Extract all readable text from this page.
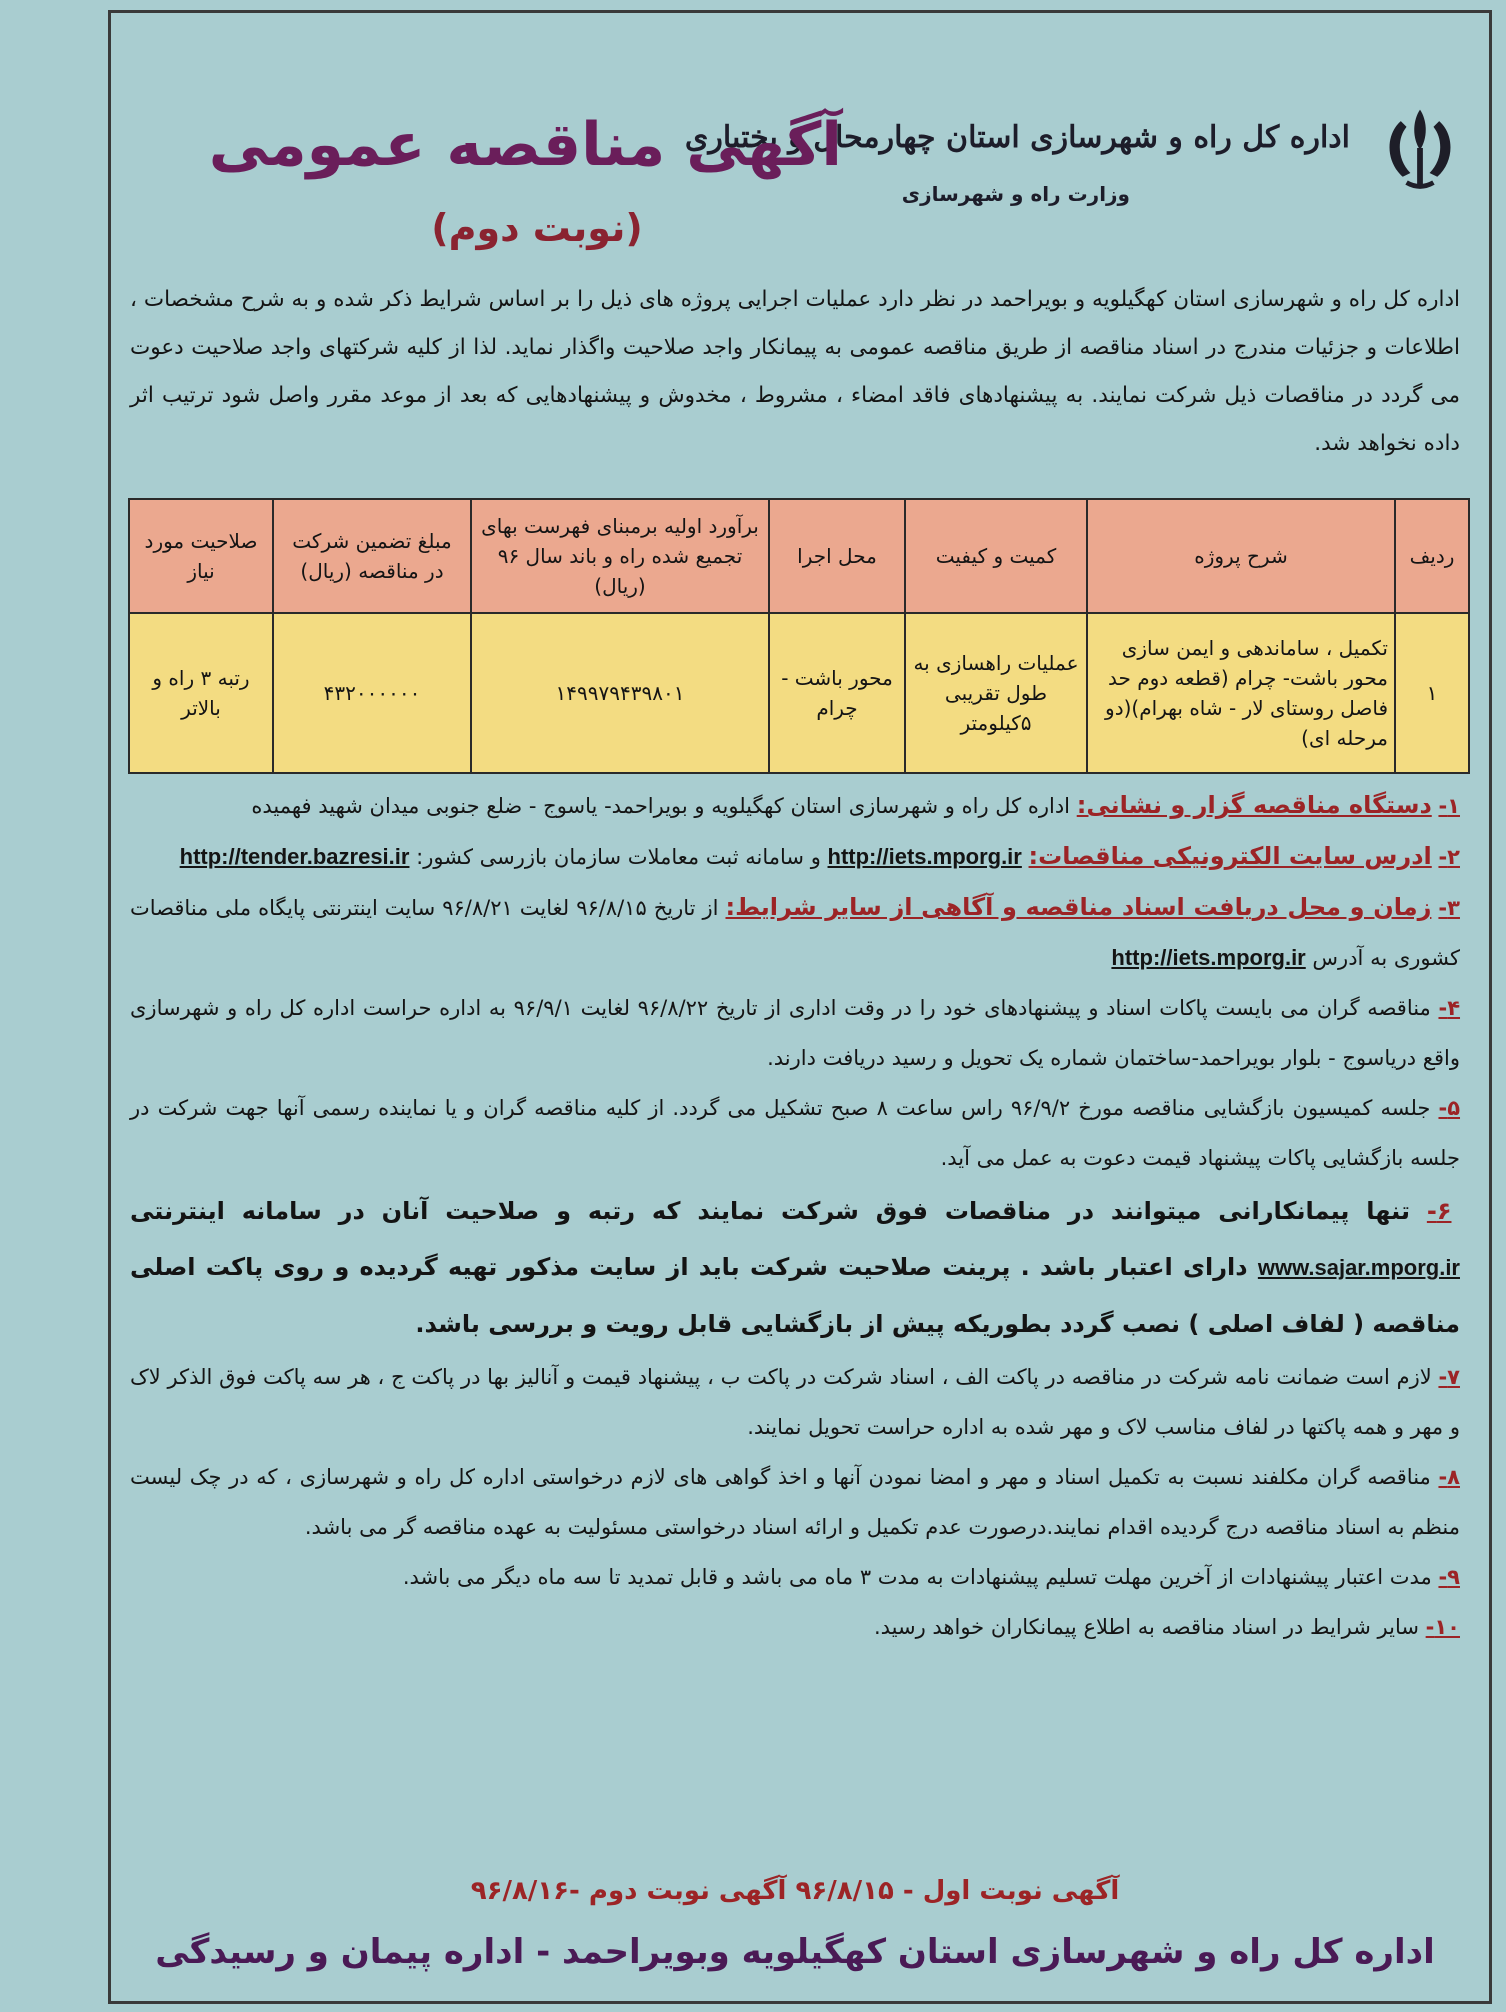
اداره کل راه و شهرسازی استان چهارمحال و بختیاری
وزارت راه و شهرسازی
آگهی مناقصه عمومی
(نوبت دوم)
اداره کل راه و شهرسازی استان کهگیلویه و بویراحمد در نظر دارد عملیات اجرایی پروژه های ذیل را بر اساس شرایط ذکر شده و به شرح مشخصات ، اطلاعات و جزئیات مندرج در اسناد مناقصه از طریق مناقصه عمومی به پیمانکار واجد صلاحیت واگذار نماید. لذا از کلیه شرکتهای واجد صلاحیت دعوت می گردد در مناقصات ذیل شرکت نمایند. به پیشنهادهای فاقد امضاء ، مشروط ، مخدوش و پیشنهادهایی که بعد از موعد مقرر واصل شود ترتیب اثر داده نخواهد شد.
ردیف	شرح پروژه	کمیت و کیفیت	محل اجرا	برآورد اولیه برمبنای فهرست بهای تجمیع شده راه و باند سال ۹۶ (ریال)	مبلغ تضمین شرکت در مناقصه (ریال)	صلاحیت مورد نیاز
۱	تکمیل ، ساماندهی و ایمن سازی محور باشت- چرام (قطعه دوم حد فاصل روستای لار - شاه بهرام)(دو مرحله ای)	عملیات راهسازی به طول تقریبی ۵کیلومتر	محور باشت - چرام	۱۴۹۹۷۹۴۳۹۸۰۱	۴۳۲۰۰۰۰۰۰	رتبه ۳ راه و بالاتر
۱- دستگاه مناقصه گزار و نشانی: اداره کل راه و شهرسازی استان کهگیلویه و بویراحمد- یاسوج - ضلع جنوبی میدان شهید فهمیده
۲- ادرس سایت الکترونیکی مناقصات: http://iets.mporg.ir و سامانه ثبت معاملات سازمان بازرسی کشور: http://tender.bazresi.ir
۳- زمان و محل دریافت اسناد مناقصه و آگاهی از سایر شرایط: از تاریخ ۹۶/۸/۱۵ لغایت ۹۶/۸/۲۱ سایت اینترنتی پایگاه ملی مناقصات کشوری به آدرس http://iets.mporg.ir
۴- مناقصه گران می بایست پاکات اسناد و پیشنهادهای خود را در وقت اداری از تاریخ ۹۶/۸/۲۲ لغایت ۹۶/۹/۱ به اداره حراست اداره کل راه و شهرسازی واقع دریاسوج - بلوار بویراحمد-ساختمان شماره یک تحویل و رسید دریافت دارند.
۵- جلسه کمیسیون بازگشایی مناقصه مورخ ۹۶/۹/۲ راس ساعت ۸ صبح تشکیل می گردد. از کلیه مناقصه گران و یا نماینده رسمی آنها جهت شرکت در جلسه بازگشایی پاکات پیشنهاد قیمت دعوت به عمل می آید.
۶- تنها پیمانکارانی میتوانند در مناقصات فوق شرکت نمایند که رتبه و صلاحیت آنان در سامانه اینترنتی www.sajar.mporg.ir دارای اعتبار باشد . پرینت صلاحیت شرکت باید از سایت مذکور تهیه گردیده و روی پاکت اصلی مناقصه ( لفاف اصلی ) نصب گردد بطوریکه پیش از بازگشایی قابل رویت و بررسی باشد.
۷- لازم است ضمانت نامه شرکت در مناقصه در پاکت الف ، اسناد شرکت در پاکت ب ، پیشنهاد قیمت و آنالیز بها در پاکت ج ، هر سه پاکت فوق الذکر لاک و مهر و همه پاکتها در لفاف مناسب لاک و مهر شده به اداره حراست تحویل نمایند.
۸- مناقصه گران مکلفند نسبت به تکمیل اسناد و مهر و امضا نمودن آنها و اخذ گواهی های لازم درخواستی اداره کل راه و شهرسازی ، که در چک لیست منظم به اسناد مناقصه درج گردیده اقدام نمایند.درصورت عدم تکمیل و ارائه اسناد درخواستی مسئولیت به عهده مناقصه گر می باشد.
۹- مدت اعتبار پیشنهادات از آخرین مهلت تسلیم پیشنهادات به مدت ۳ ماه می باشد و قابل تمدید تا سه ماه دیگر می باشد.
۱۰- سایر شرایط در اسناد مناقصه به اطلاع پیمانکاران خواهد رسید.
آگهی نوبت اول - ۹۶/۸/۱۵ آگهی نوبت دوم -۹۶/۸/۱۶
اداره کل راه و شهرسازی استان کهگیلویه وبویراحمد - اداره پیمان و رسیدگی
